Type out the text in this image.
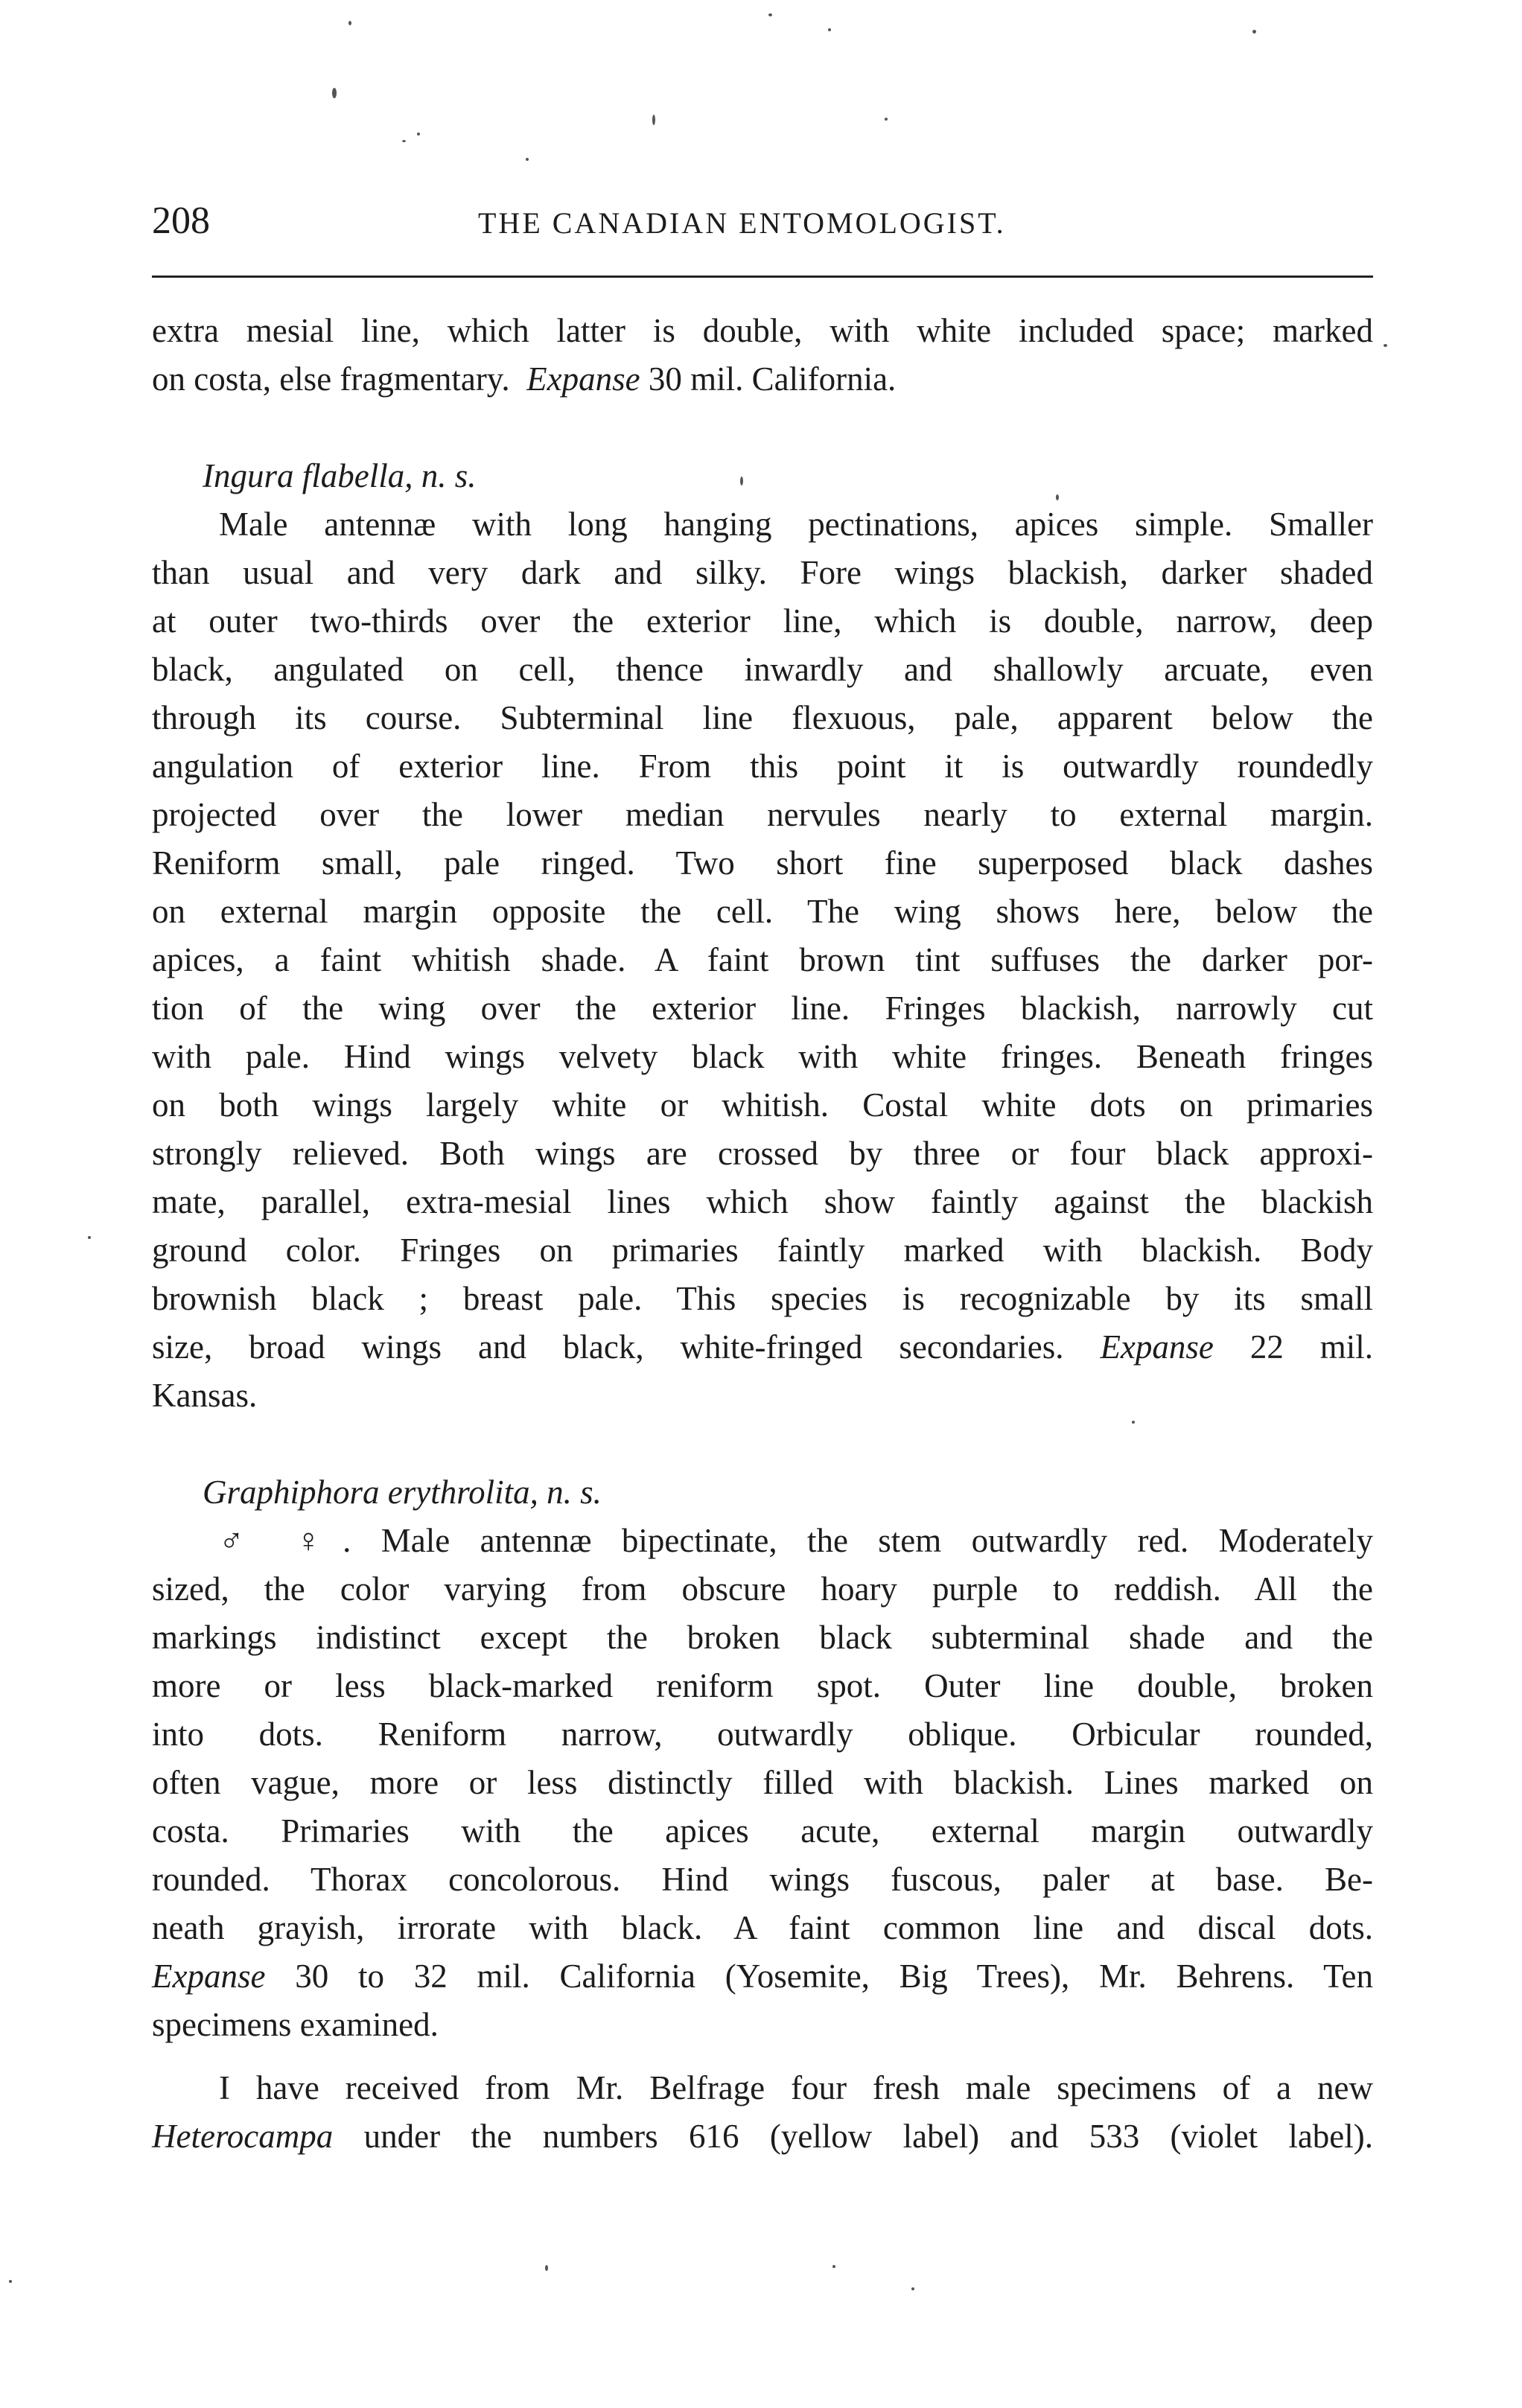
208	THE CANADIAN ENTOMOLOGIST.
extra mesial line, which latter is double, with white included space; marked
on costa, else fragmentary. Expanse 30 mil. California.
Ingura flabella, n. s.
Male antennæ with long hanging pectinations, apices simple. Smaller
than usual and very dark and silky. Fore wings blackish, darker shaded
at outer two-thirds over the exterior line, which is double, narrow, deep
black, angulated on cell, thence inwardly and shallowly arcuate, even
through its course. Subterminal line flexuous, pale, apparent below the
angulation of exterior line. From this point it is outwardly roundedly
projected over the lower median nervules nearly to external margin.
Reniform small, pale ringed. Two short fine superposed black dashes
on external margin opposite the cell. The wing shows here, below the
apices, a faint whitish shade. A faint brown tint suffuses the darker por-
tion of the wing over the exterior line. Fringes blackish, narrowly cut
with pale. Hind wings velvety black with white fringes. Beneath fringes
on both wings largely white or whitish. Costal white dots on primaries
strongly relieved. Both wings are crossed by three or four black approxi-
mate, parallel, extra-mesial lines which show faintly against the blackish
ground color. Fringes on primaries faintly marked with blackish. Body
brownish black ; breast pale. This species is recognizable by its small
size, broad wings and black, white-fringed secondaries. Expanse 22 mil.
Kansas.
Graphiphora erythrolita, n. s.
♂ ♀. Male antennæ bipectinate, the stem outwardly red. Moderately
sized, the color varying from obscure hoary purple to reddish. All the
markings indistinct except the broken black subterminal shade and the
more or less black-marked reniform spot. Outer line double, broken
into dots. Reniform narrow, outwardly oblique. Orbicular rounded,
often vague, more or less distinctly filled with blackish. Lines marked on
costa. Primaries with the apices acute, external margin outwardly
rounded. Thorax concolorous. Hind wings fuscous, paler at base. Be-
neath grayish, irrorate with black. A faint common line and discal dots.
Expanse 30 to 32 mil. California (Yosemite, Big Trees), Mr. Behrens. Ten
specimens examined.
I have received from Mr. Belfrage four fresh male specimens of a new
Heterocampa under the numbers 616 (yellow label) and 533 (violet label).
